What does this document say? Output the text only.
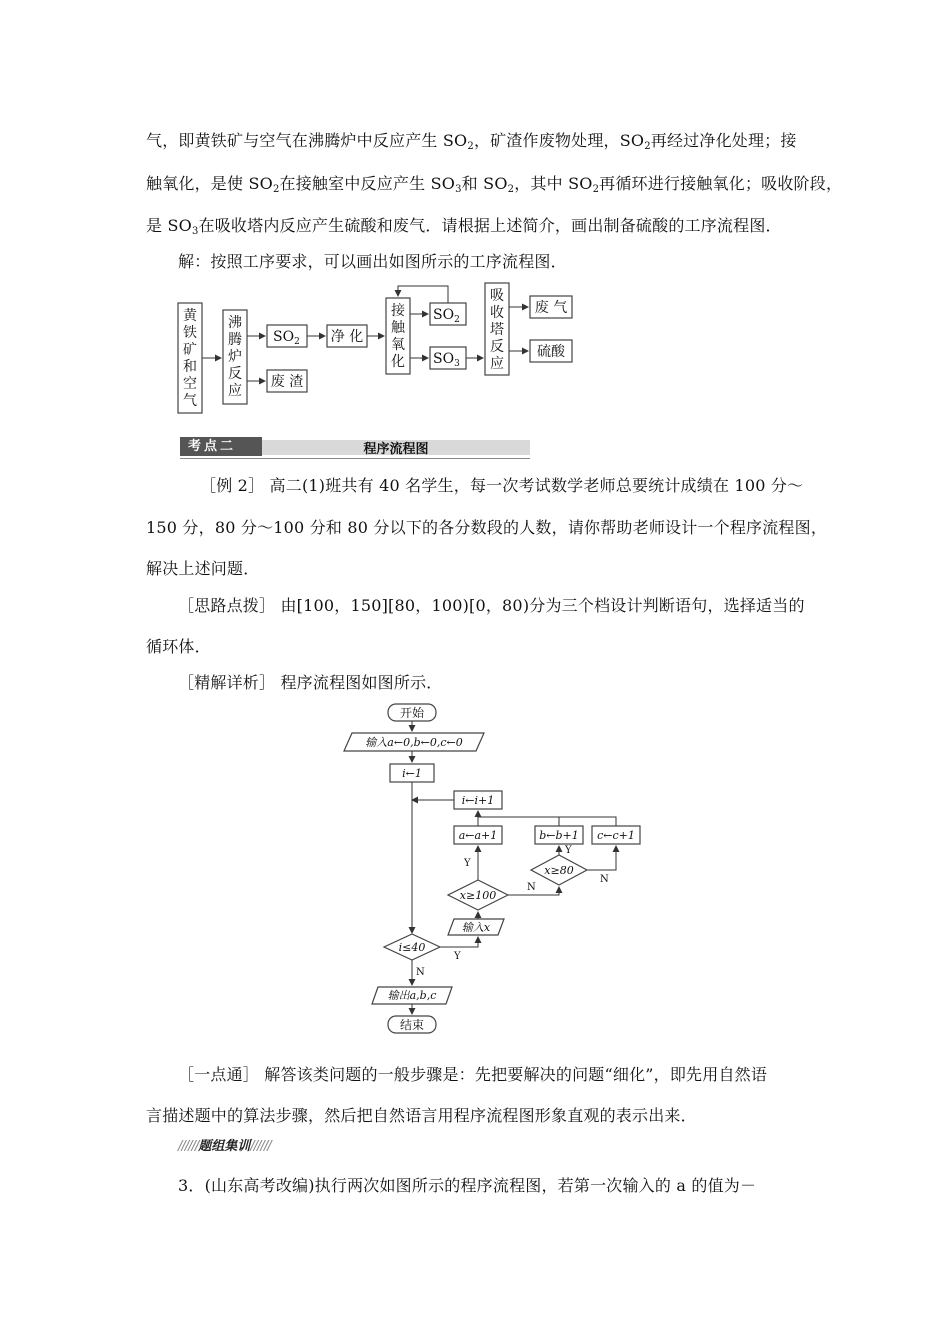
气，即黄铁矿与空气在沸腾炉中反应产生 $SO_2$，矿渣作废物处理，$SO_2$再经过净化处理；接
触氧化，是使 $SO_2$在接触室中反应产生 $SO_3$和 $SO_2$，其中 $SO_2$再循环进行接触氧化；吸收阶段，
是 $SO_3$在吸收塔内反应产生硫酸和废气．请根据上述简介，画出制备硫酸的工序流程图．
解：按照工序要求，可以画出如图所示的工序流程图．
黄
铁
矿
和
空
气
沸
腾
炉
反
应
$SO_2$
废 渣
净 化
接
触
氧
化
$SO_2$
$SO_3$
吸
收
塔
反
应
废 气
硫酸
考点二	程序流程图
［例 2］ 高二(1)班共有 40 名学生，每一次考试数学老师总要统计成绩在 100 分～
150 分，80 分～100 分和 80 分以下的各分数段的人数，请你帮助老师设计一个程序流程图，
解决上述问题．
［思路点拨］ 由[100，150][80，100)[0，80)分为三个档设计判断语句，选择适当的
循环体．
［精解详析］ 程序流程图如图所示．
开始
输入a←0,b←0,c←0
i←1
i←i+1
a←a+1	b←b+1 c←c+1
x≥80
Y
N
x≥100
Y
N
输入x
i≤40
Y
N
输出a,b,c
结束
［一点通］ 解答该类问题的一般步骤是：先把要解决的问题“细化”，即先用自然语
言描述题中的算法步骤，然后把自然语言用程序流程图形象直观的表示出来．
//////题组集训//////
3．(山东高考改编)执行两次如图所示的程序流程图，若第一次输入的 a 的值为－
